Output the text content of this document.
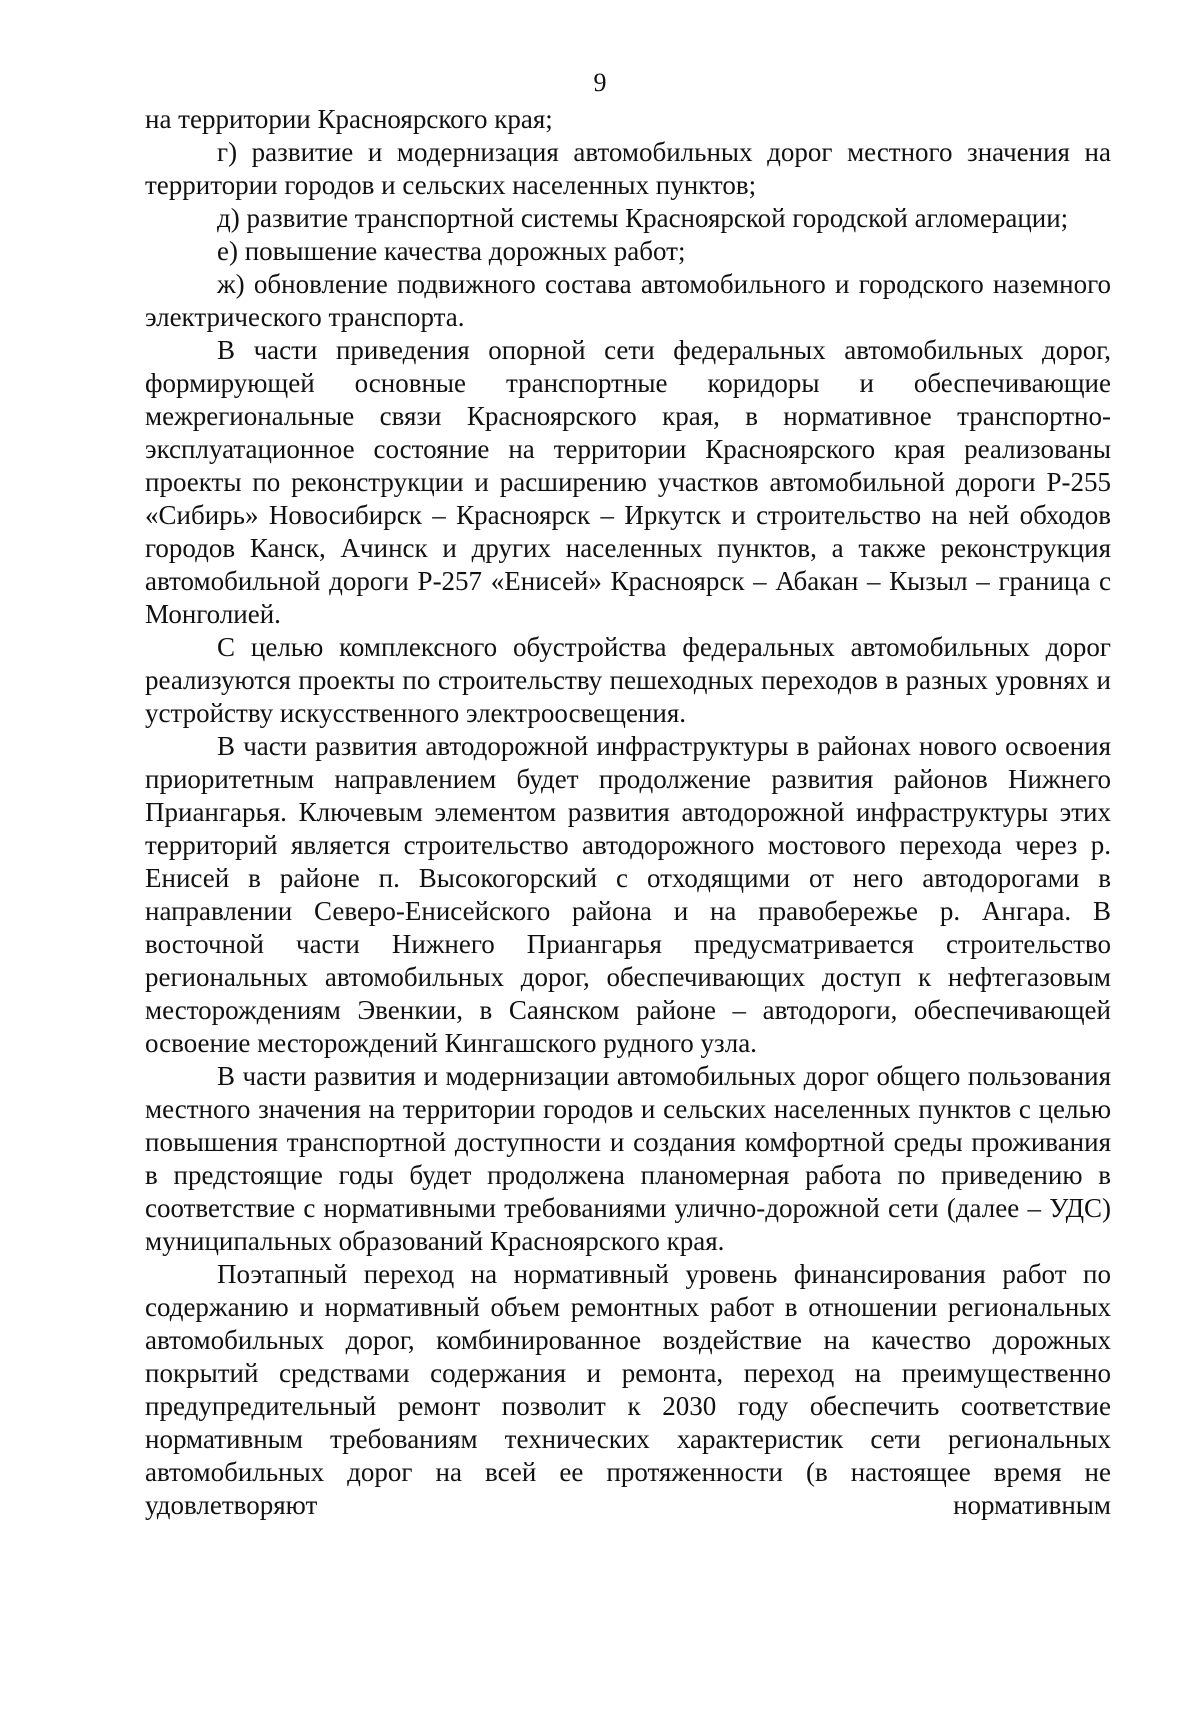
9

на территории Красноярского края;

г) развитие и модернизация автомобильных дорог местного значения на территории городов и сельских населенных пунктов;

д) развитие транспортной системы Красноярской городской агломерации;

е) повышение качества дорожных работ;

ж) обновление подвижного состава автомобильного и городского наземного электрического транспорта.

В части приведения опорной сети федеральных автомобильных дорог, формирующей основные транспортные коридоры и обеспечивающие межрегиональные связи Красноярского края, в нормативное транспортно-эксплуатационное состояние на территории Красноярского края реализованы проекты по реконструкции и расширению участков автомобильной дороги Р-255 «Сибирь» Новосибирск – Красноярск – Иркутск и строительство на ней обходов городов Канск, Ачинск и других населенных пунктов, а также реконструкция автомобильной дороги Р-257 «Енисей» Красноярск – Абакан – Кызыл – граница с Монголией.

С целью комплексного обустройства федеральных автомобильных дорог реализуются проекты по строительству пешеходных переходов в разных уровнях и устройству искусственного электроосвещения.

В части развития автодорожной инфраструктуры в районах нового освоения приоритетным направлением будет продолжение развития районов Нижнего Приангарья. Ключевым элементом развития автодорожной инфраструктуры этих территорий является строительство автодорожного мостового перехода через р. Енисей в районе п. Высокогорский с отходящими от него автодорогами в направлении Северо-Енисейского района и на правобережье р. Ангара. В восточной части Нижнего Приангарья предусматривается строительство региональных автомобильных дорог, обеспечивающих доступ к нефтегазовым месторождениям Эвенкии, в Саянском районе – автодороги, обеспечивающей освоение месторождений Кингашского рудного узла.

В части развития и модернизации автомобильных дорог общего пользования местного значения на территории городов и сельских населенных пунктов с целью повышения транспортной доступности и создания комфортной среды проживания в предстоящие годы будет продолжена планомерная работа по приведению в соответствие с нормативными требованиями улично-дорожной сети (далее – УДС) муниципальных образований Красноярского края.

Поэтапный переход на нормативный уровень финансирования работ по содержанию и нормативный объем ремонтных работ в отношении региональных автомобильных дорог, комбинированное воздействие на качество дорожных покрытий средствами содержания и ремонта, переход на преимущественно предупредительный ремонт позволит к 2030 году обеспечить соответствие нормативным требованиям технических характеристик сети региональных автомобильных дорог на всей ее протяженности (в настоящее время не удовлетворяют нормативным
